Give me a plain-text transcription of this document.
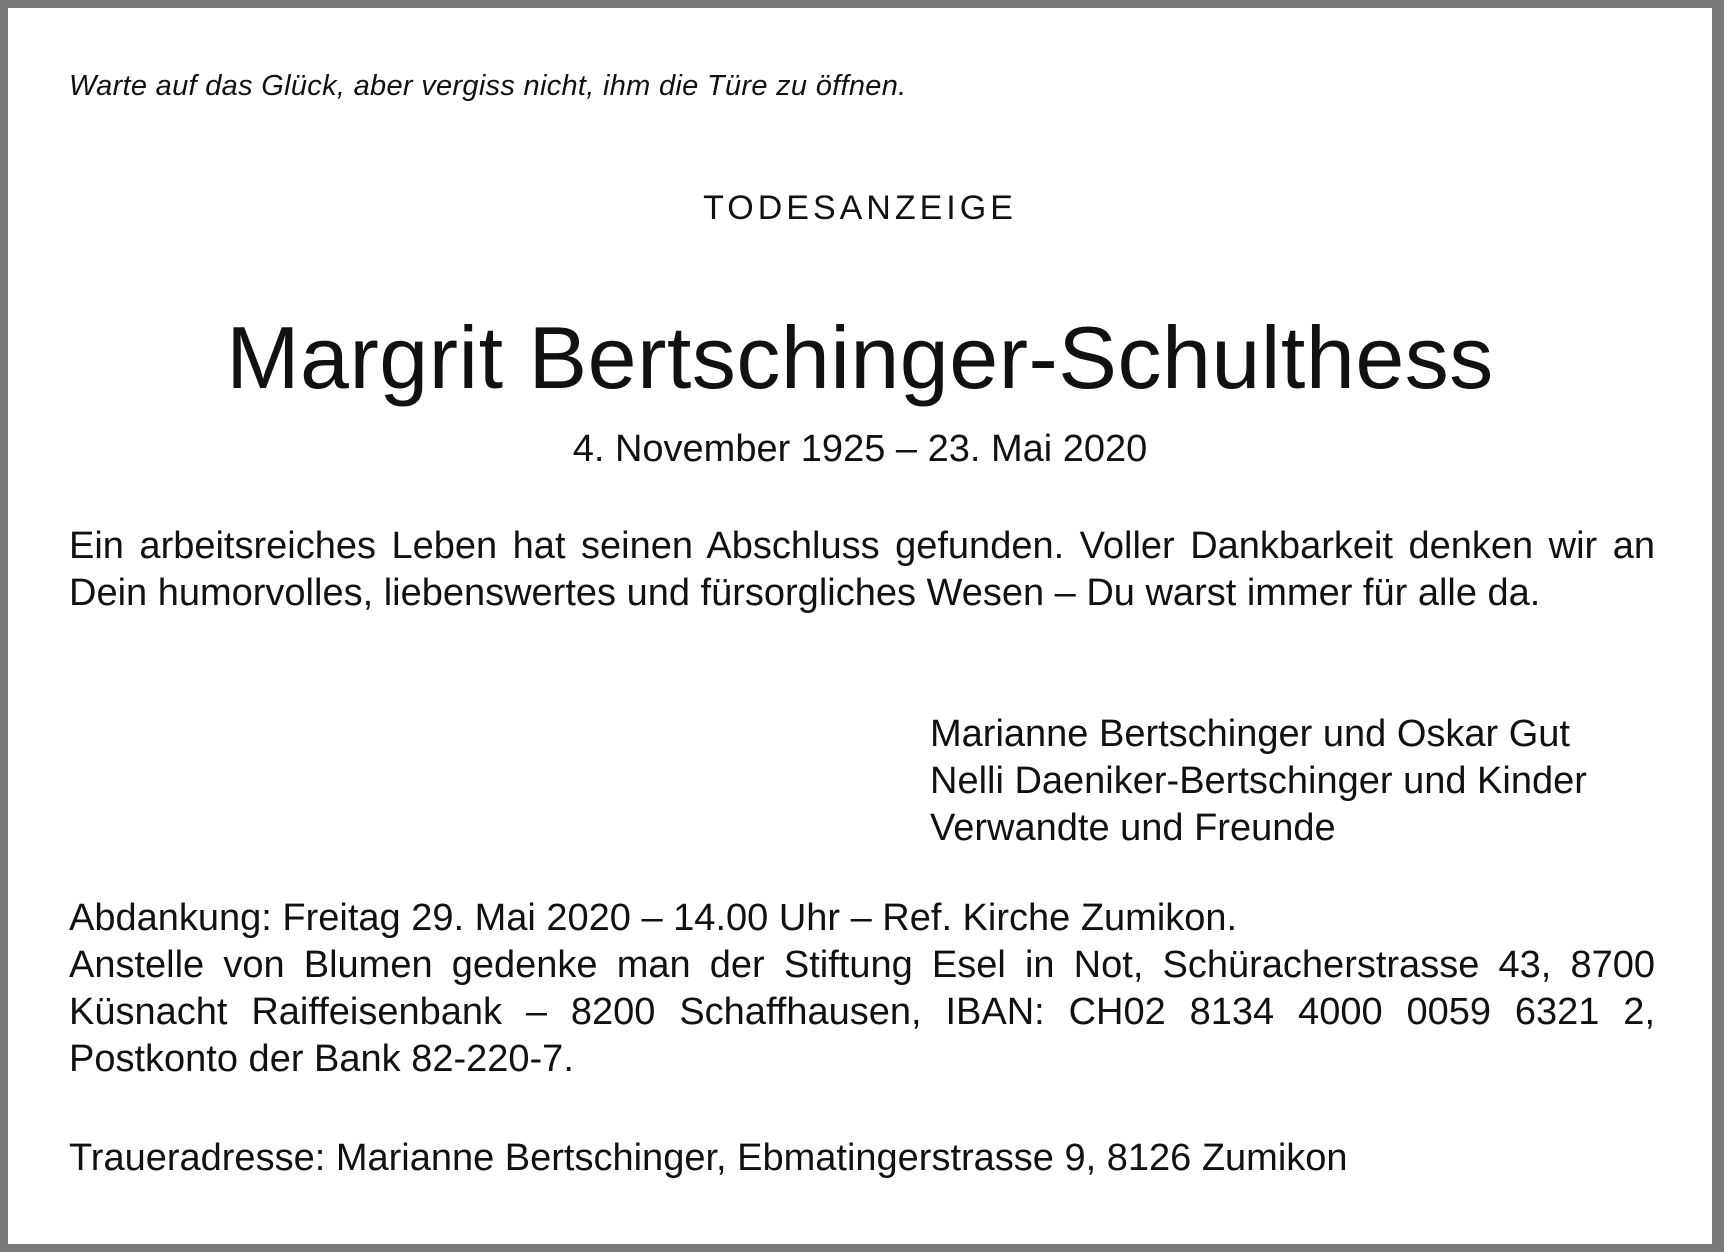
Warte auf das Glück, aber vergiss nicht, ihm die Türe zu öffnen.
TODESANZEIGE
Margrit Bertschinger-Schulthess
4. November 1925 – 23. Mai 2020
Ein arbeitsreiches Leben hat seinen Abschluss gefunden. Voller Dankbarkeit denken wir an Dein humorvolles, liebenswertes und fürsorgliches Wesen – Du warst immer für alle da.
Marianne Bertschinger und Oskar Gut
Nelli Daeniker-Bertschinger und Kinder
Verwandte und Freunde
Abdankung: Freitag 29. Mai 2020 – 14.00 Uhr – Ref. Kirche Zumikon.
Anstelle von Blumen gedenke man der Stiftung Esel in Not, Schüracherstrasse 43, 8700 Küsnacht Raiffeisenbank – 8200 Schaffhausen, IBAN: CH02 8134 4000 0059 6321 2, Postkonto der Bank 82-220-7.
Traueradresse: Marianne Bertschinger, Ebmatingerstrasse 9, 8126 Zumikon
